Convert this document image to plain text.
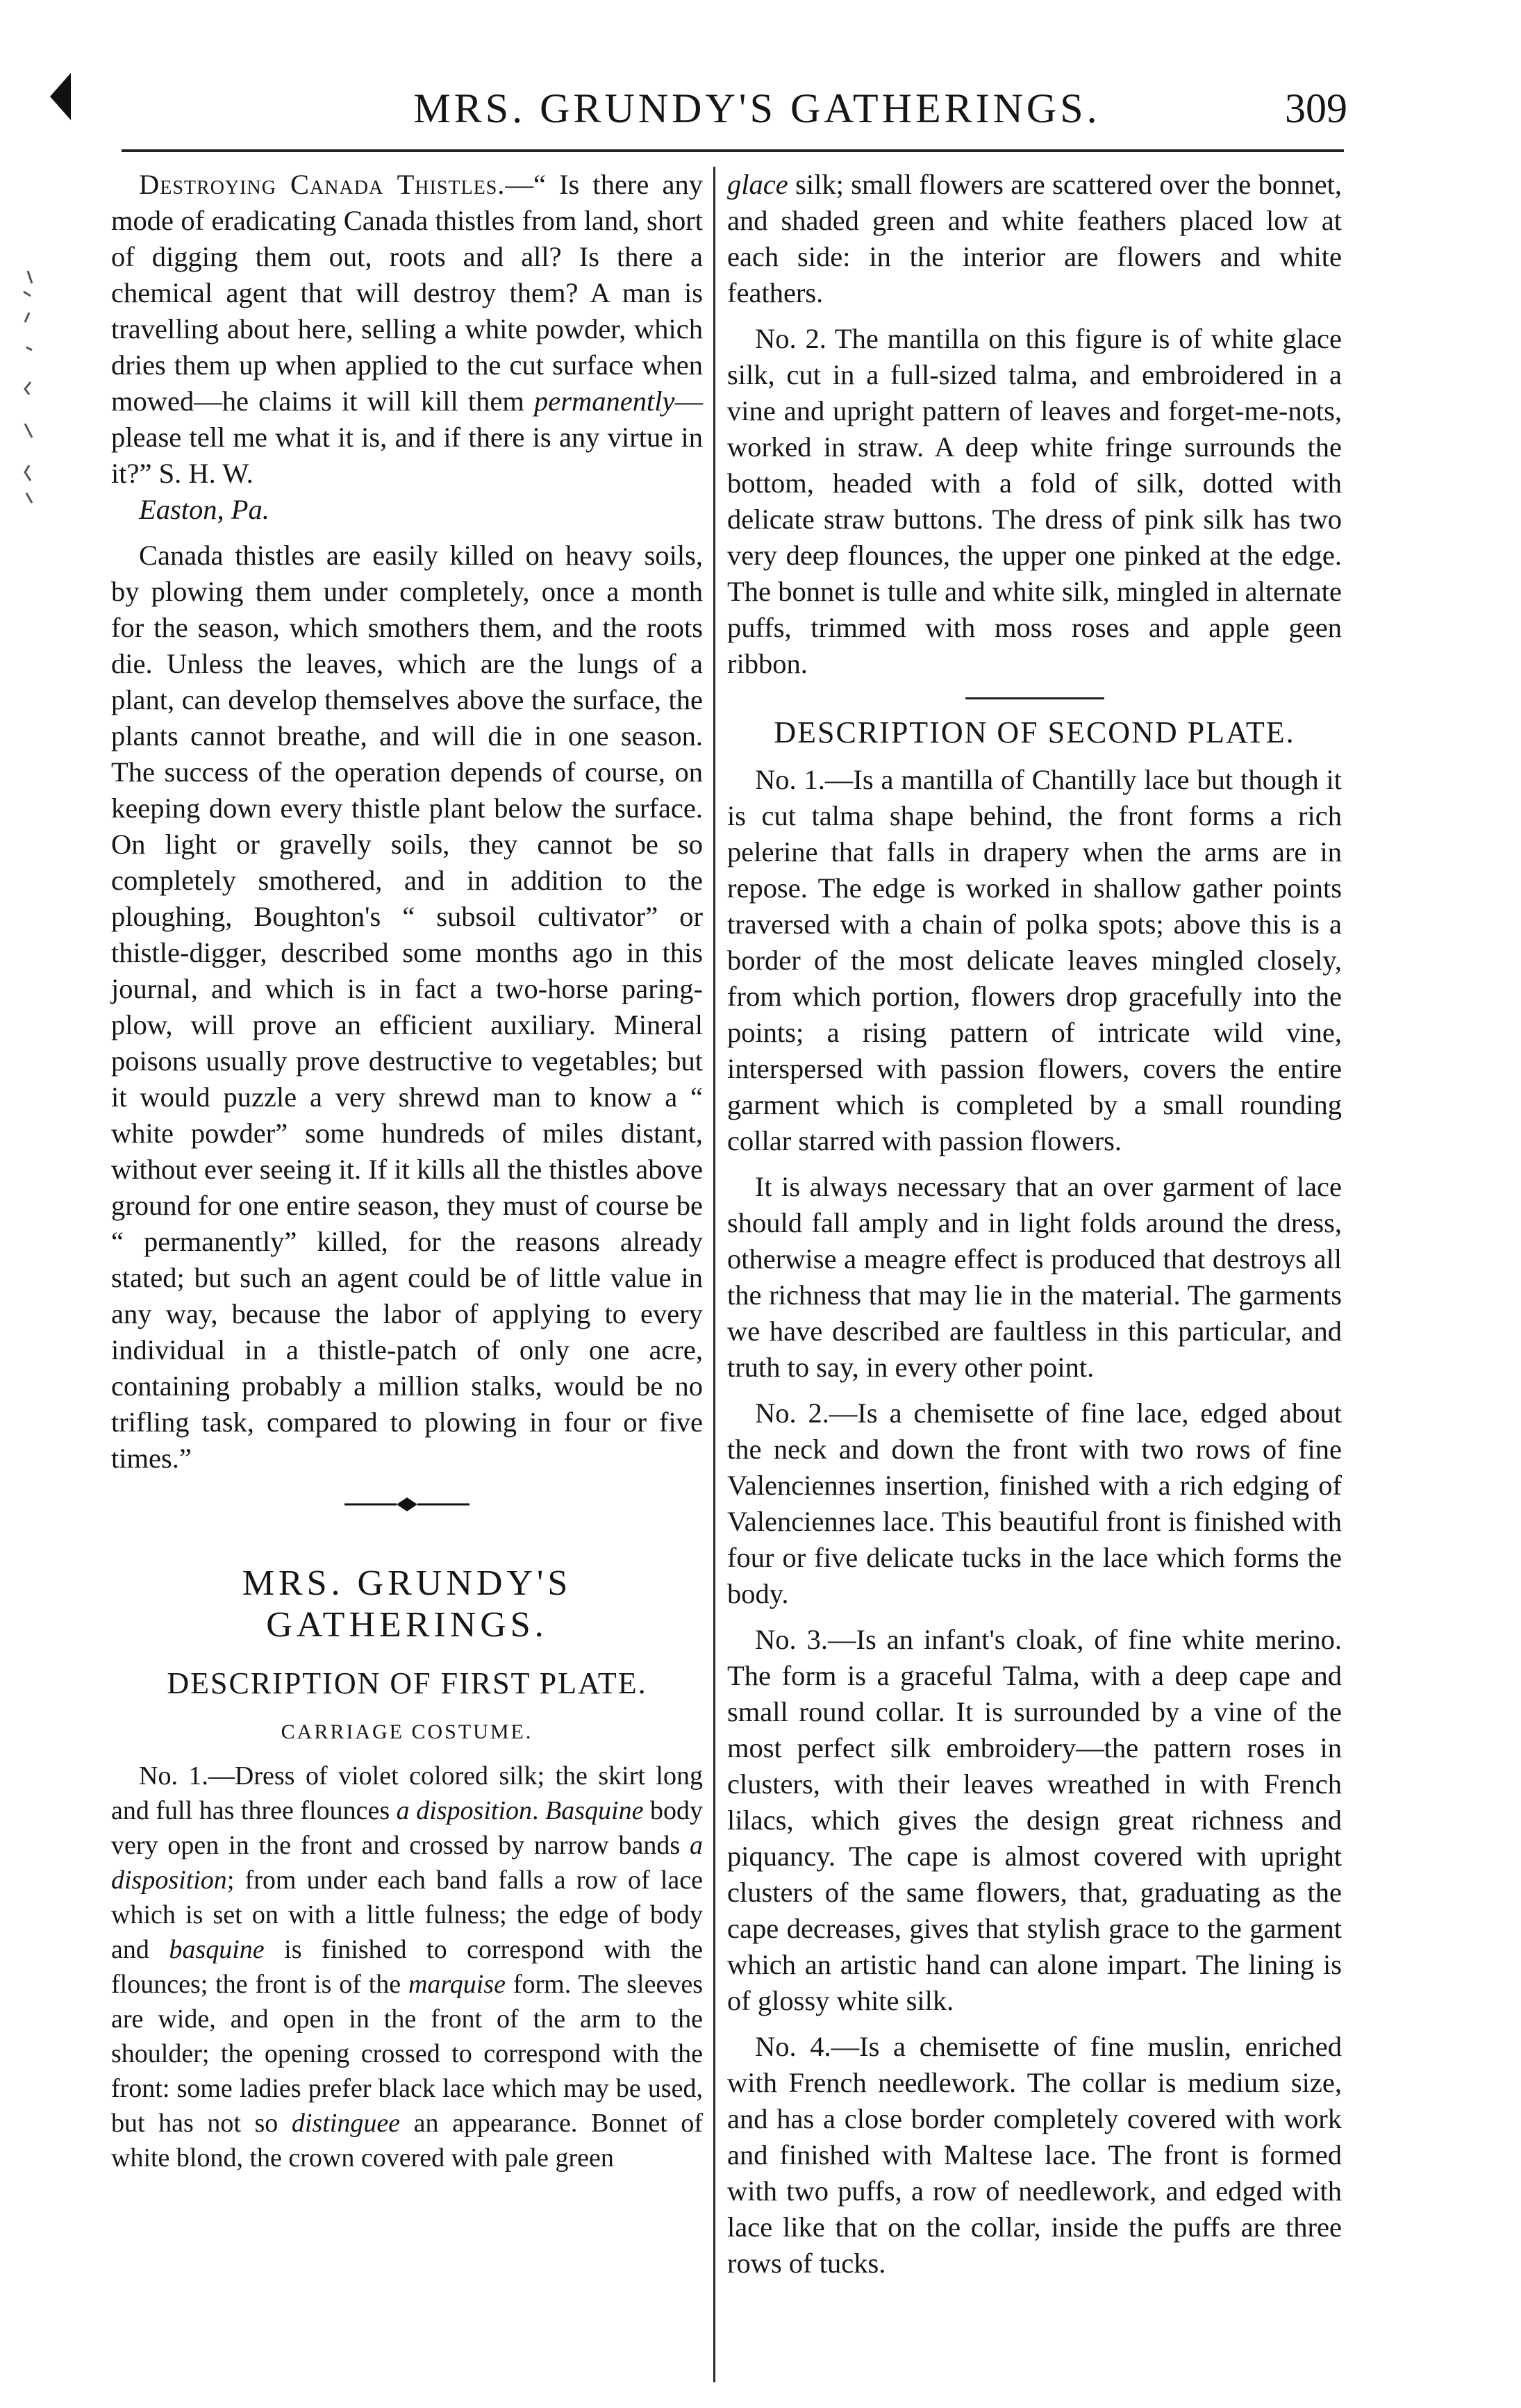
MRS. GRUNDY'S GATHERINGS.	309

Destroying Canada Thistles.—“ Is there any mode of eradicating Canada thistles from land, short of digging them out, roots and all? Is there a chemical agent that will destroy them? A man is travelling about here, selling a white powder, which dries them up when applied to the cut surface when mowed—he claims it will kill them permanently—please tell me what it is, and if there is any virtue in it?” S. H. W.

Easton, Pa.

Canada thistles are easily killed on heavy soils, by plowing them under completely, once a month for the season, which smothers them, and the roots die. Unless the leaves, which are the lungs of a plant, can develop themselves above the surface, the plants cannot breathe, and will die in one season. The success of the operation depends of course, on keeping down every thistle plant below the surface. On light or gravelly soils, they cannot be so completely smothered, and in addition to the ploughing, Boughton's “ subsoil cultivator” or thistle-digger, described some months ago in this journal, and which is in fact a two-horse paring-plow, will prove an efficient auxiliary. Mineral poisons usually prove destructive to vegetables; but it would puzzle a very shrewd man to know a “ white powder” some hundreds of miles distant, without ever seeing it. If it kills all the thistles above ground for one entire season, they must of course be “ permanently” killed, for the reasons already stated; but such an agent could be of little value in any way, because the labor of applying to every individual in a thistle-patch of only one acre, containing probably a million stalks, would be no trifling task, compared to plowing in four or five times.”

MRS. GRUNDY'S GATHERINGS.
DESCRIPTION OF FIRST PLATE.
CARRIAGE COSTUME.

No. 1.—Dress of violet colored silk; the skirt long and full has three flounces a disposition. Basquine body very open in the front and crossed by narrow bands a disposition; from under each band falls a row of lace which is set on with a little fulness; the edge of body and basquine is finished to correspond with the flounces; the front is of the marquise form. The sleeves are wide, and open in the front of the arm to the shoulder; the opening crossed to correspond with the front: some ladies prefer black lace which may be used, but has not so distinguee an appearance. Bonnet of white blond, the crown covered with pale green

glace silk; small flowers are scattered over the bonnet, and shaded green and white feathers placed low at each side: in the interior are flowers and white feathers.

No. 2. The mantilla on this figure is of white glace silk, cut in a full-sized talma, and embroidered in a vine and upright pattern of leaves and forget-me-nots, worked in straw. A deep white fringe surrounds the bottom, headed with a fold of silk, dotted with delicate straw buttons. The dress of pink silk has two very deep flounces, the upper one pinked at the edge. The bonnet is tulle and white silk, mingled in alternate puffs, trimmed with moss roses and apple geen ribbon.

DESCRIPTION OF SECOND PLATE.

No. 1.—Is a mantilla of Chantilly lace but though it is cut talma shape behind, the front forms a rich pelerine that falls in drapery when the arms are in repose. The edge is worked in shallow gather points traversed with a chain of polka spots; above this is a border of the most delicate leaves mingled closely, from which portion, flowers drop gracefully into the points; a rising pattern of intricate wild vine, interspersed with passion flowers, covers the entire garment which is completed by a small rounding collar starred with passion flowers.

It is always necessary that an over garment of lace should fall amply and in light folds around the dress, otherwise a meagre effect is produced that destroys all the richness that may lie in the material. The garments we have described are faultless in this particular, and truth to say, in every other point.

No. 2.—Is a chemisette of fine lace, edged about the neck and down the front with two rows of fine Valenciennes insertion, finished with a rich edging of Valenciennes lace. This beautiful front is finished with four or five delicate tucks in the lace which forms the body.

No. 3.—Is an infant's cloak, of fine white merino. The form is a graceful Talma, with a deep cape and small round collar. It is surrounded by a vine of the most perfect silk embroidery—the pattern roses in clusters, with their leaves wreathed in with French lilacs, which gives the design great richness and piquancy. The cape is almost covered with upright clusters of the same flowers, that, graduating as the cape decreases, gives that stylish grace to the garment which an artistic hand can alone impart. The lining is of glossy white silk.

No. 4.—Is a chemisette of fine muslin, enriched with French needlework. The collar is medium size, and has a close border completely covered with work and finished with Maltese lace. The front is formed with two puffs, a row of needlework, and edged with lace like that on the collar, inside the puffs are three rows of tucks.
